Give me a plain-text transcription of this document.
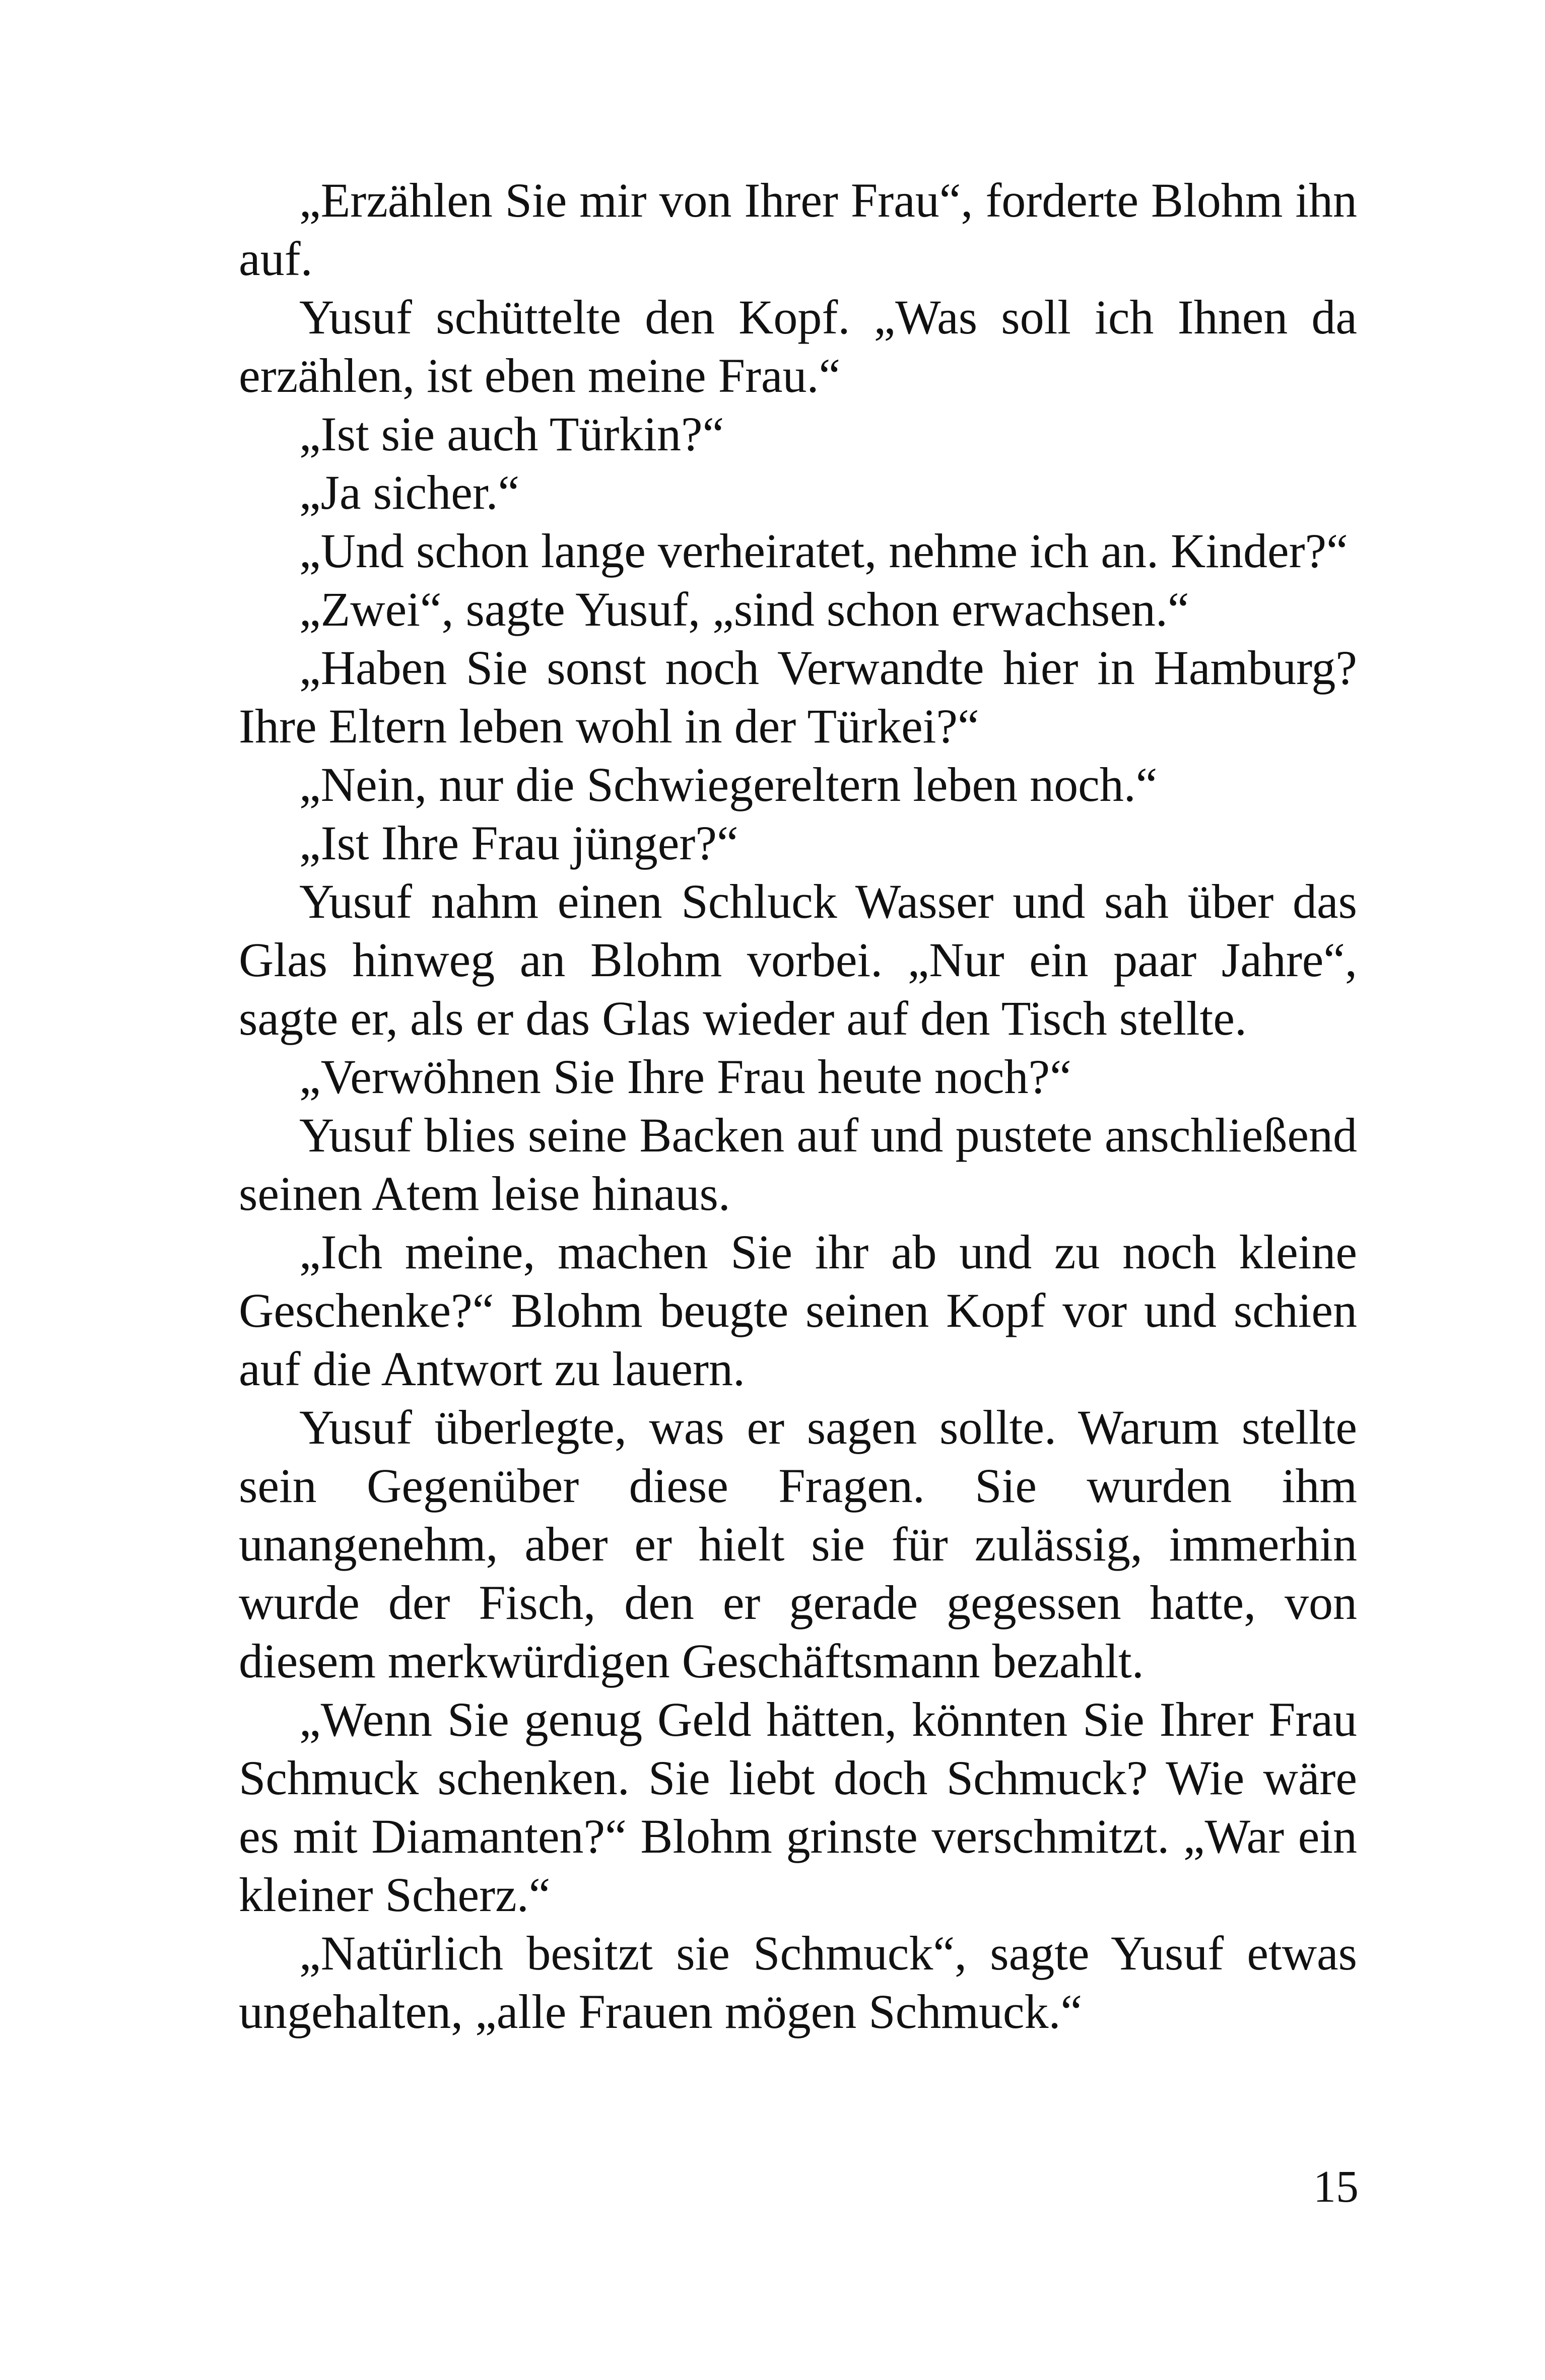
„Erzählen Sie mir von Ihrer Frau“, forderte Blohm ihn auf.

Yusuf schüttelte den Kopf. „Was soll ich Ihnen da erzählen, ist eben meine Frau.“

„Ist sie auch Türkin?“

„Ja sicher.“

„Und schon lange verheiratet, nehme ich an. Kinder?“

„Zwei“, sagte Yusuf, „sind schon erwachsen.“

„Haben Sie sonst noch Verwandte hier in Hamburg? Ihre Eltern leben wohl in der Türkei?“

„Nein, nur die Schwiegereltern leben noch.“

„Ist Ihre Frau jünger?“

Yusuf nahm einen Schluck Wasser und sah über das Glas hinweg an Blohm vorbei. „Nur ein paar Jahre“, sagte er, als er das Glas wieder auf den Tisch stellte.

„Verwöhnen Sie Ihre Frau heute noch?“

Yusuf blies seine Backen auf und pustete anschließend seinen Atem leise hinaus.

„Ich meine, machen Sie ihr ab und zu noch kleine Geschenke?“ Blohm beugte seinen Kopf vor und schien auf die Antwort zu lauern.

Yusuf überlegte, was er sagen sollte. Warum stellte sein Gegenüber diese Fragen. Sie wurden ihm unangenehm, aber er hielt sie für zulässig, immerhin wurde der Fisch, den er gerade gegessen hatte, von diesem merkwürdigen Geschäftsmann bezahlt.

„Wenn Sie genug Geld hätten, könnten Sie Ihrer Frau Schmuck schenken. Sie liebt doch Schmuck? Wie wäre es mit Diamanten?“ Blohm grinste verschmitzt. „War ein kleiner Scherz.“

„Natürlich besitzt sie Schmuck“, sagte Yusuf etwas ungehalten, „alle Frauen mögen Schmuck.“

15
